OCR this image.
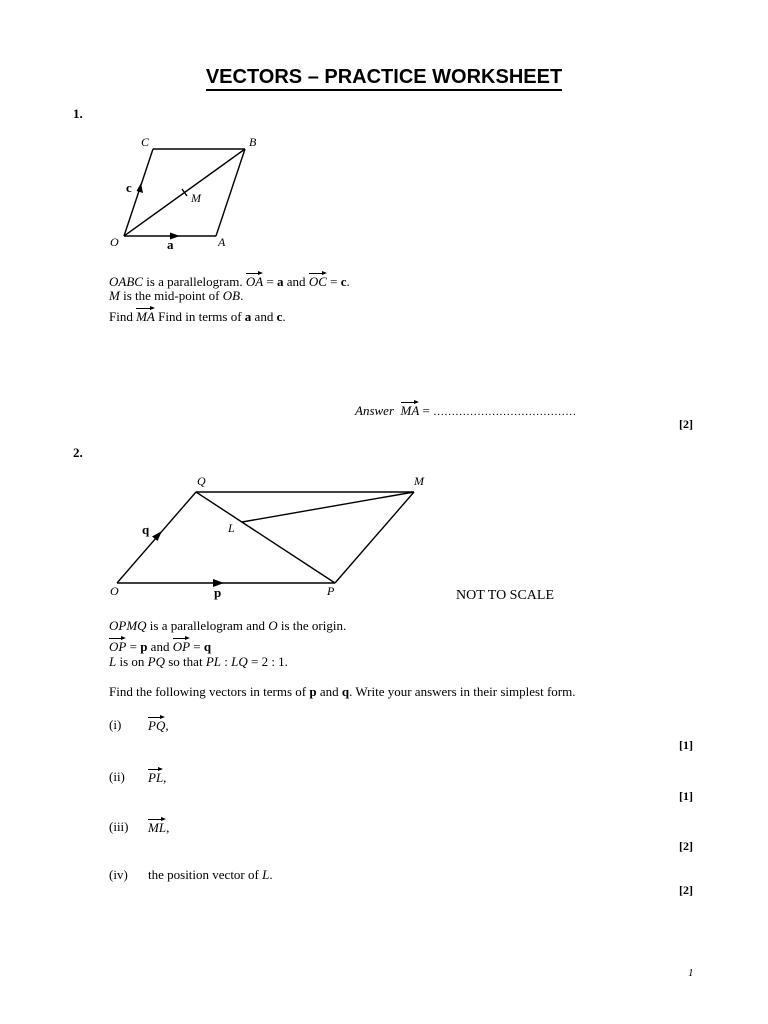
VECTORS – PRACTICE WORKSHEET
1.
C	B
c
M
O	a	A
OABC is a parallelogram. OA = a and OC = c.
M is the mid-point of OB.
Find MA Find in terms of a and c.
Answer MA = …………………………………
[2]
2.
Q	M
q	L
O	p	P	NOT TO SCALE
OPMQ is a parallelogram and O is the origin.
OP = p and OP = q
L is on PQ so that PL : LQ = 2 : 1.
Find the following vectors in terms of p and q. Write your answers in their simplest form.
(i) PQ,
[1]
(ii) PL,
[1]
(iii) ML,
[2]
(iv) the position vector of L.
[2]
1
